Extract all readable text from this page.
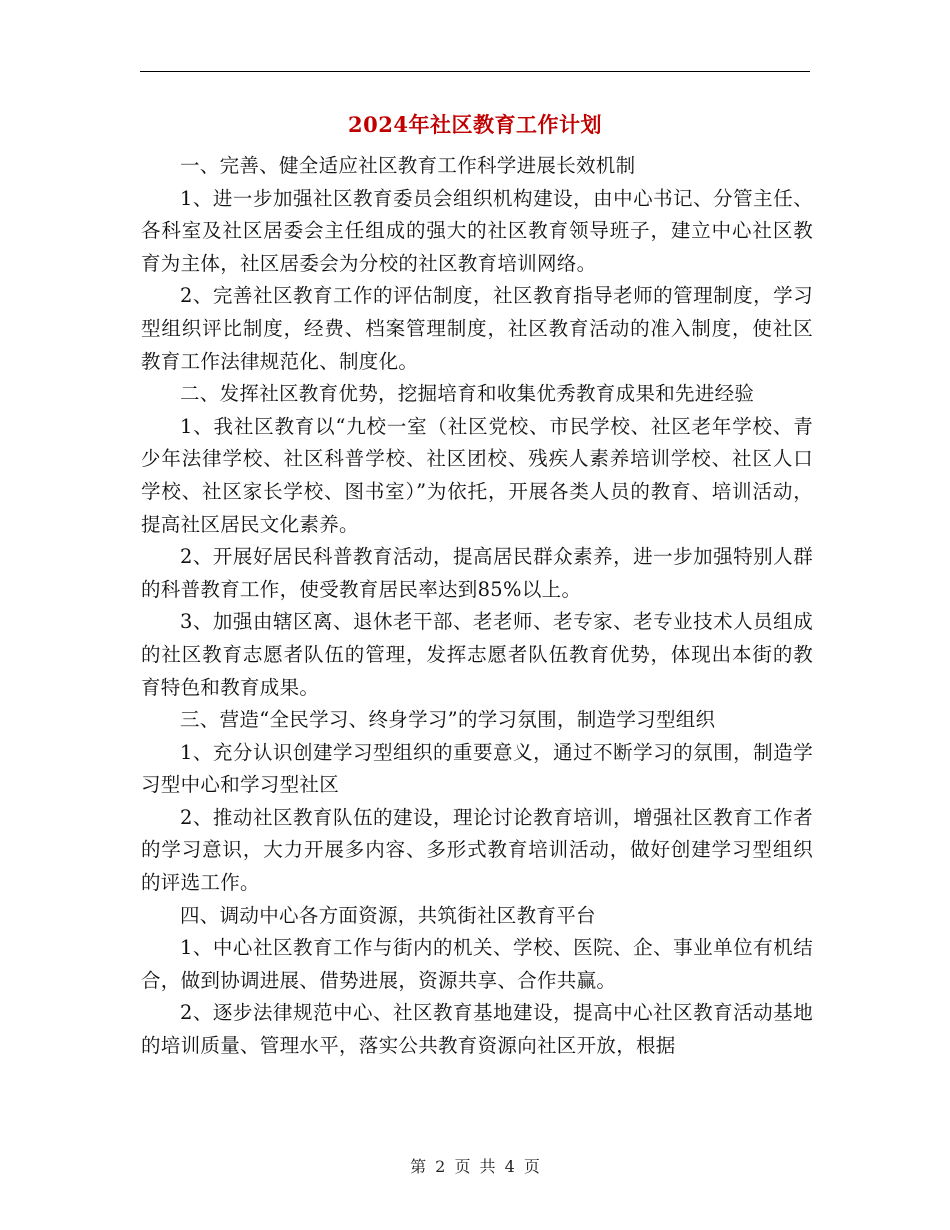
2024年社区教育工作计划

一、完善、健全适应社区教育工作科学进展长效机制

1、进一步加强社区教育委员会组织机构建设，由中心书记、分管主任、各科室及社区居委会主任组成的强大的社区教育领导班子，建立中心社区教育为主体，社区居委会为分校的社区教育培训网络。

2、完善社区教育工作的评估制度，社区教育指导老师的管理制度，学习型组织评比制度，经费、档案管理制度，社区教育活动的准入制度，使社区教育工作法律规范化、制度化。

二、发挥社区教育优势，挖掘培育和收集优秀教育成果和先进经验

1、我社区教育以“九校一室（社区党校、市民学校、社区老年学校、青少年法律学校、社区科普学校、社区团校、残疾人素养培训学校、社区人口学校、社区家长学校、图书室）”为依托，开展各类人员的教育、培训活动，提高社区居民文化素养。

2、开展好居民科普教育活动，提高居民群众素养，进一步加强特别人群的科普教育工作，使受教育居民率达到85%以上。

3、加强由辖区离、退休老干部、老老师、老专家、老专业技术人员组成的社区教育志愿者队伍的管理，发挥志愿者队伍教育优势，体现出本街的教育特色和教育成果。

三、营造“全民学习、终身学习”的学习氛围，制造学习型组织

1、充分认识创建学习型组织的重要意义，通过不断学习的氛围，制造学习型中心和学习型社区

2、推动社区教育队伍的建设，理论讨论教育培训，增强社区教育工作者的学习意识，大力开展多内容、多形式教育培训活动，做好创建学习型组织的评选工作。

四、调动中心各方面资源，共筑街社区教育平台

1、中心社区教育工作与街内的机关、学校、医院、企、事业单位有机结合，做到协调进展、借势进展，资源共享、合作共赢。

2、逐步法律规范中心、社区教育基地建设，提高中心社区教育活动基地的培训质量、管理水平，落实公共教育资源向社区开放，根据

第 2 页 共 4 页
